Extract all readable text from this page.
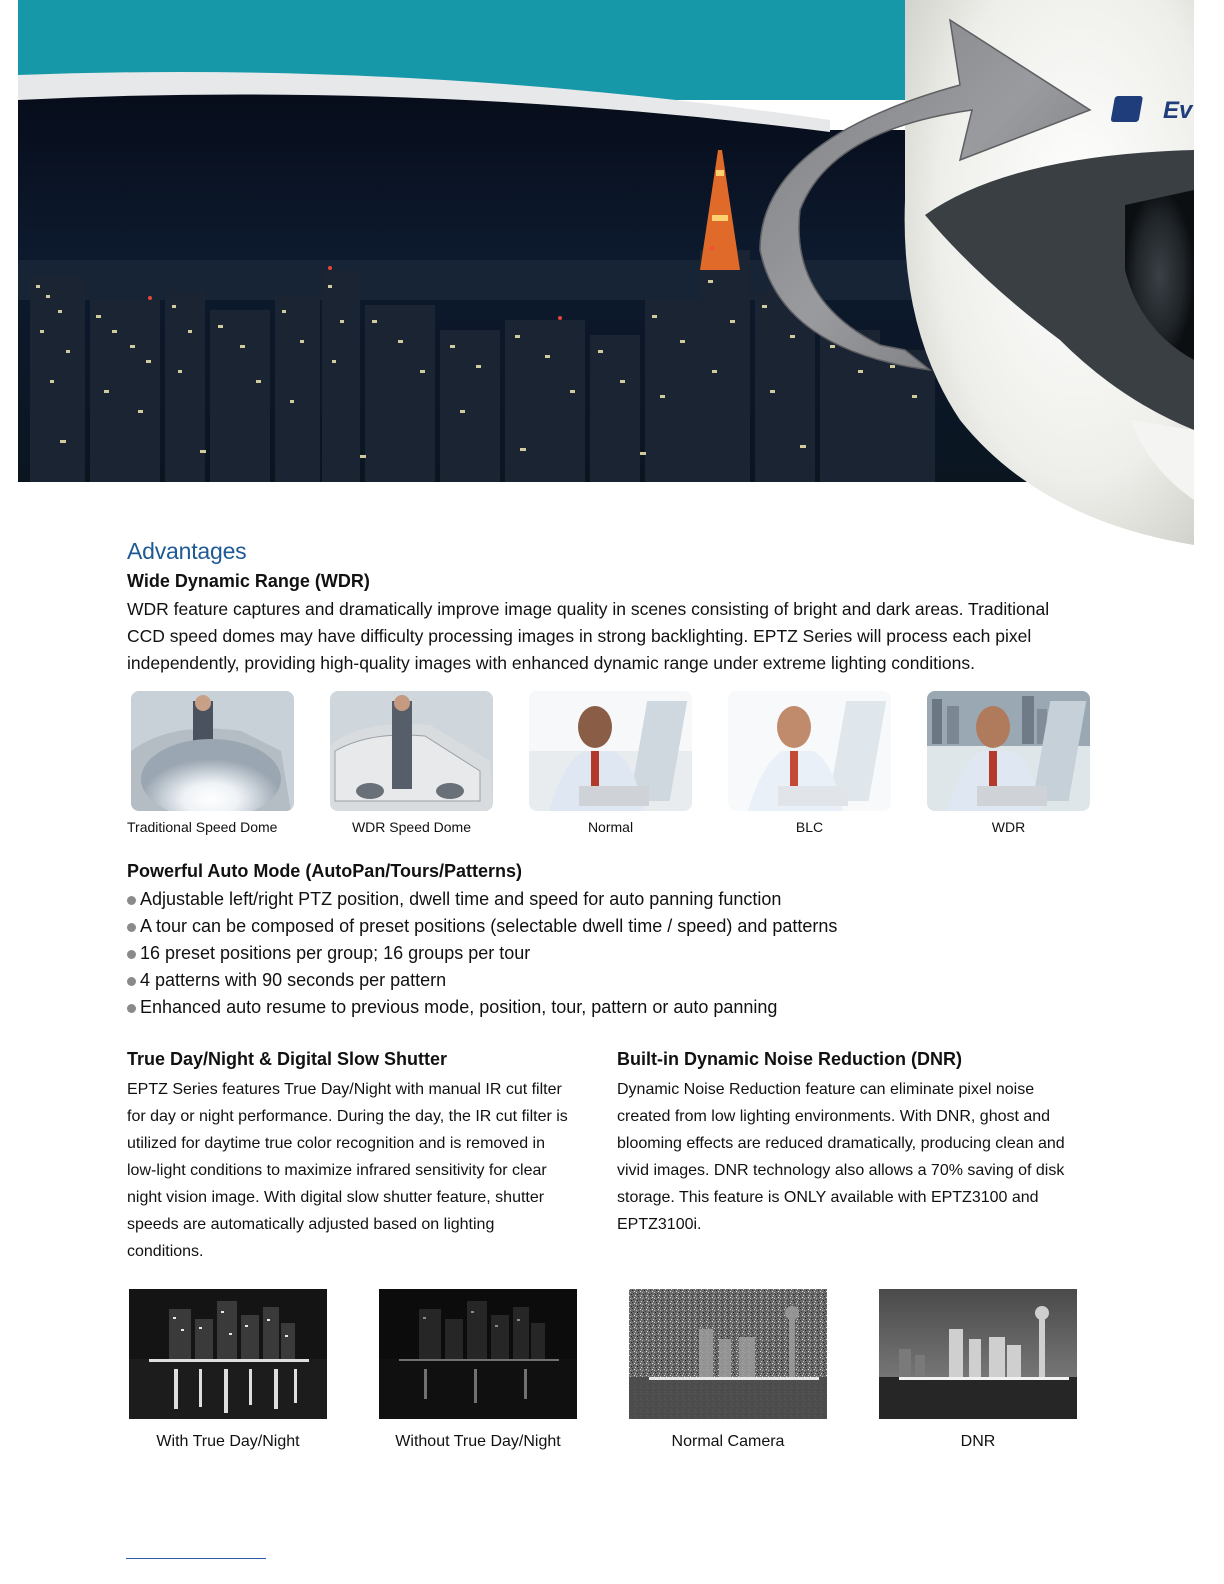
Ev
Advantages
Wide Dynamic Range (WDR)

WDR feature captures and dramatically improve image quality in scenes consisting of bright and dark areas. Traditional CCD speed domes may have difficulty processing images in strong backlighting. EPTZ Series will process each pixel independently, providing high-quality images with enhanced dynamic range under extreme lighting conditions.

Traditional Speed Dome	WDR Speed Dome	Normal	BLC	WDR
Powerful Auto Mode (AutoPan/Tours/Patterns)
Adjustable left/right PTZ position, dwell time and speed for auto panning function
A tour can be composed of preset positions (selectable dwell time / speed) and patterns
16 preset positions per group; 16 groups per tour
4 patterns with 90 seconds per pattern
Enhanced auto resume to previous mode, position, tour, pattern or auto panning
True Day/Night & Digital Slow Shutter

EPTZ Series features True Day/Night with manual IR cut filter for day or night performance. During the day, the IR cut filter is utilized for daytime true color recognition and is removed in low-light conditions to maximize infrared sensitivity for clear night vision image. With digital slow shutter feature, shutter speeds are automatically adjusted based on lighting conditions.

Built-in Dynamic Noise Reduction (DNR)

Dynamic Noise Reduction feature can eliminate pixel noise created from low lighting environments. With DNR, ghost and blooming effects are reduced dramatically, producing clean and vivid images. DNR technology also allows a 70% saving of disk storage. This feature is ONLY available with EPTZ3100 and EPTZ3100i.

With True Day/Night	Without True Day/Night	Normal Camera	DNR
